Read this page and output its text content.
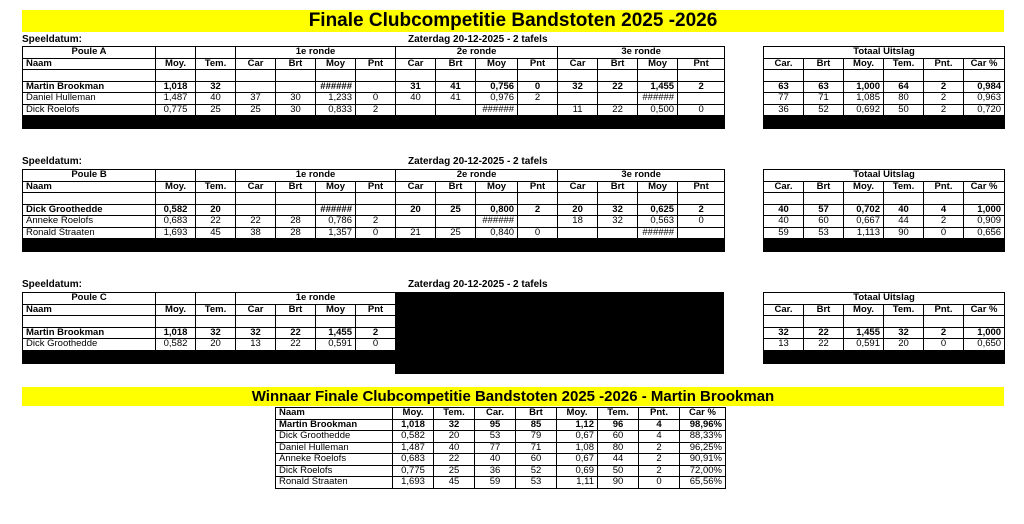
Finale Clubcompetitie Bandstoten 2025 -2026
Speeldatum:	Zaterdag 20-12-2025 - 2 tafels
Poule A			1e ronde				2e ronde				3e ronde			
Naam	Moy.	Tem.	Car	Brt	Moy	Pnt	Car	Brt	Moy	Pnt	Car	Brt	Moy	Pnt

Martin Brookman	1,018	32			######		31	41	0,756	0	32	22	1,455	2
Daniel Hulleman	1,487	40	37	30	1,233	0	40	41	0,976	2			######	
Dick Roelofs	0,775	25	25	30	0,833	2			######		11	22	0,500	0

Totaal Uitslag					
Car.	Brt	Moy.	Tem.	Pnt.	Car %

63	63	1,000	64	2	0,984
77	71	1,085	80	2	0,963
36	52	0,692	50	2	0,720

Speeldatum:	Zaterdag 20-12-2025 - 2 tafels
Poule B			1e ronde				2e ronde				3e ronde			
Naam	Moy.	Tem.	Car	Brt	Moy	Pnt	Car	Brt	Moy	Pnt	Car	Brt	Moy	Pnt

Dick Groothedde	0,582	20			######		20	25	0,800	2	20	32	0,625	2
Anneke Roelofs	0,683	22	22	28	0,786	2			######		18	32	0,563	0
Ronald Straaten	1,693	45	38	28	1,357	0	21	25	0,840	0			######	

Totaal Uitslag					
Car.	Brt	Moy.	Tem.	Pnt.	Car %

40	57	0,702	40	4	1,000
40	60	0,667	44	2	0,909
59	53	1,113	90	0	0,656

Speeldatum:	Zaterdag 20-12-2025 - 2 tafels
Poule C			1e ronde			
Naam	Moy.	Tem.	Car	Brt	Moy	Pnt

Martin Brookman	1,018	32	32	22	1,455	2
Dick Groothedde	0,582	20	13	22	0,591	0

Totaal Uitslag					
Car.	Brt	Moy.	Tem.	Pnt.	Car %

32	22	1,455	32	2	1,000
13	22	0,591	20	0	0,650

Winnaar Finale Clubcompetitie Bandstoten 2025 -2026 - Martin Brookman
Naam	Moy.	Tem.	Car.	Brt	Moy.	Tem.	Pnt.	Car %
Martin Brookman	1,018	32	95	85	1,12	96	4	98,96%
Dick Groothedde	0,582	20	53	79	0,67	60	4	88,33%
Daniel Hulleman	1,487	40	77	71	1,08	80	2	96,25%
Anneke Roelofs	0,683	22	40	60	0,67	44	2	90,91%
Dick Roelofs	0,775	25	36	52	0,69	50	2	72,00%
Ronald Straaten	1,693	45	59	53	1,11	90	0	65,56%
